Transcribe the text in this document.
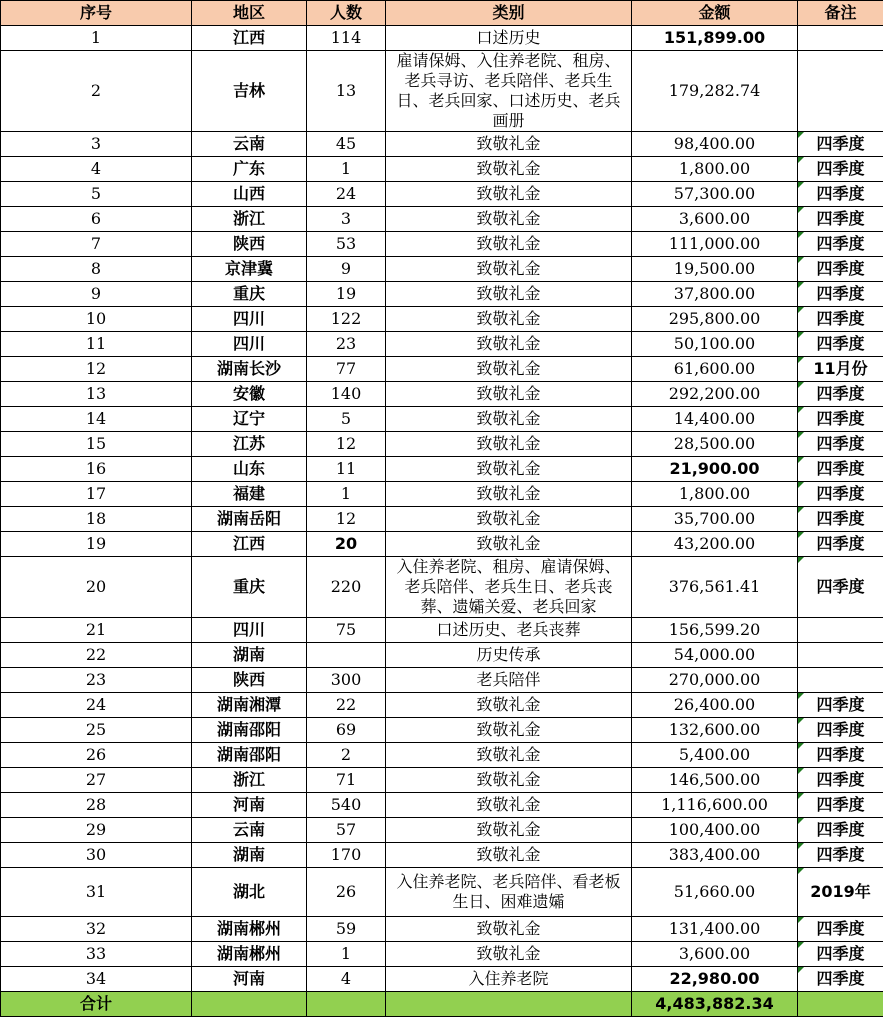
序号	地区	人数	类别	金额	备注
1	江西	114	口述历史	151,899.00	
2	吉林	13	雇请保姆、入住养老院、租房、老兵寻访、老兵陪伴、老兵生日、老兵回家、口述历史、老兵画册	179,282.74	
3	云南	45	致敬礼金	98,400.00	四季度
4	广东	1	致敬礼金	1,800.00	四季度
5	山西	24	致敬礼金	57,300.00	四季度
6	浙江	3	致敬礼金	3,600.00	四季度
7	陕西	53	致敬礼金	111,000.00	四季度
8	京津冀	9	致敬礼金	19,500.00	四季度
9	重庆	19	致敬礼金	37,800.00	四季度
10	四川	122	致敬礼金	295,800.00	四季度
11	四川	23	致敬礼金	50,100.00	四季度
12	湖南长沙	77	致敬礼金	61,600.00	11月份
13	安徽	140	致敬礼金	292,200.00	四季度
14	辽宁	5	致敬礼金	14,400.00	四季度
15	江苏	12	致敬礼金	28,500.00	四季度
16	山东	11	致敬礼金	21,900.00	四季度
17	福建	1	致敬礼金	1,800.00	四季度
18	湖南岳阳	12	致敬礼金	35,700.00	四季度
19	江西	20	致敬礼金	43,200.00	四季度
20	重庆	220	入住养老院、租房、雇请保姆、老兵陪伴、老兵生日、老兵丧葬、遗孀关爱、老兵回家	376,561.41	四季度
21	四川	75	口述历史、老兵丧葬	156,599.20	
22	湖南		历史传承	54,000.00	
23	陕西	300	老兵陪伴	270,000.00	
24	湖南湘潭	22	致敬礼金	26,400.00	四季度
25	湖南邵阳	69	致敬礼金	132,600.00	四季度
26	湖南邵阳	2	致敬礼金	5,400.00	四季度
27	浙江	71	致敬礼金	146,500.00	四季度
28	河南	540	致敬礼金	1,116,600.00	四季度
29	云南	57	致敬礼金	100,400.00	四季度
30	湖南	170	致敬礼金	383,400.00	四季度
31	湖北	26	入住养老院、老兵陪伴、看老板生日、困难遗孀	51,660.00	2019年
32	湖南郴州	59	致敬礼金	131,400.00	四季度
33	湖南郴州	1	致敬礼金	3,600.00	四季度
34	河南	4	入住养老院	22,980.00	四季度
合计				4,483,882.34	
